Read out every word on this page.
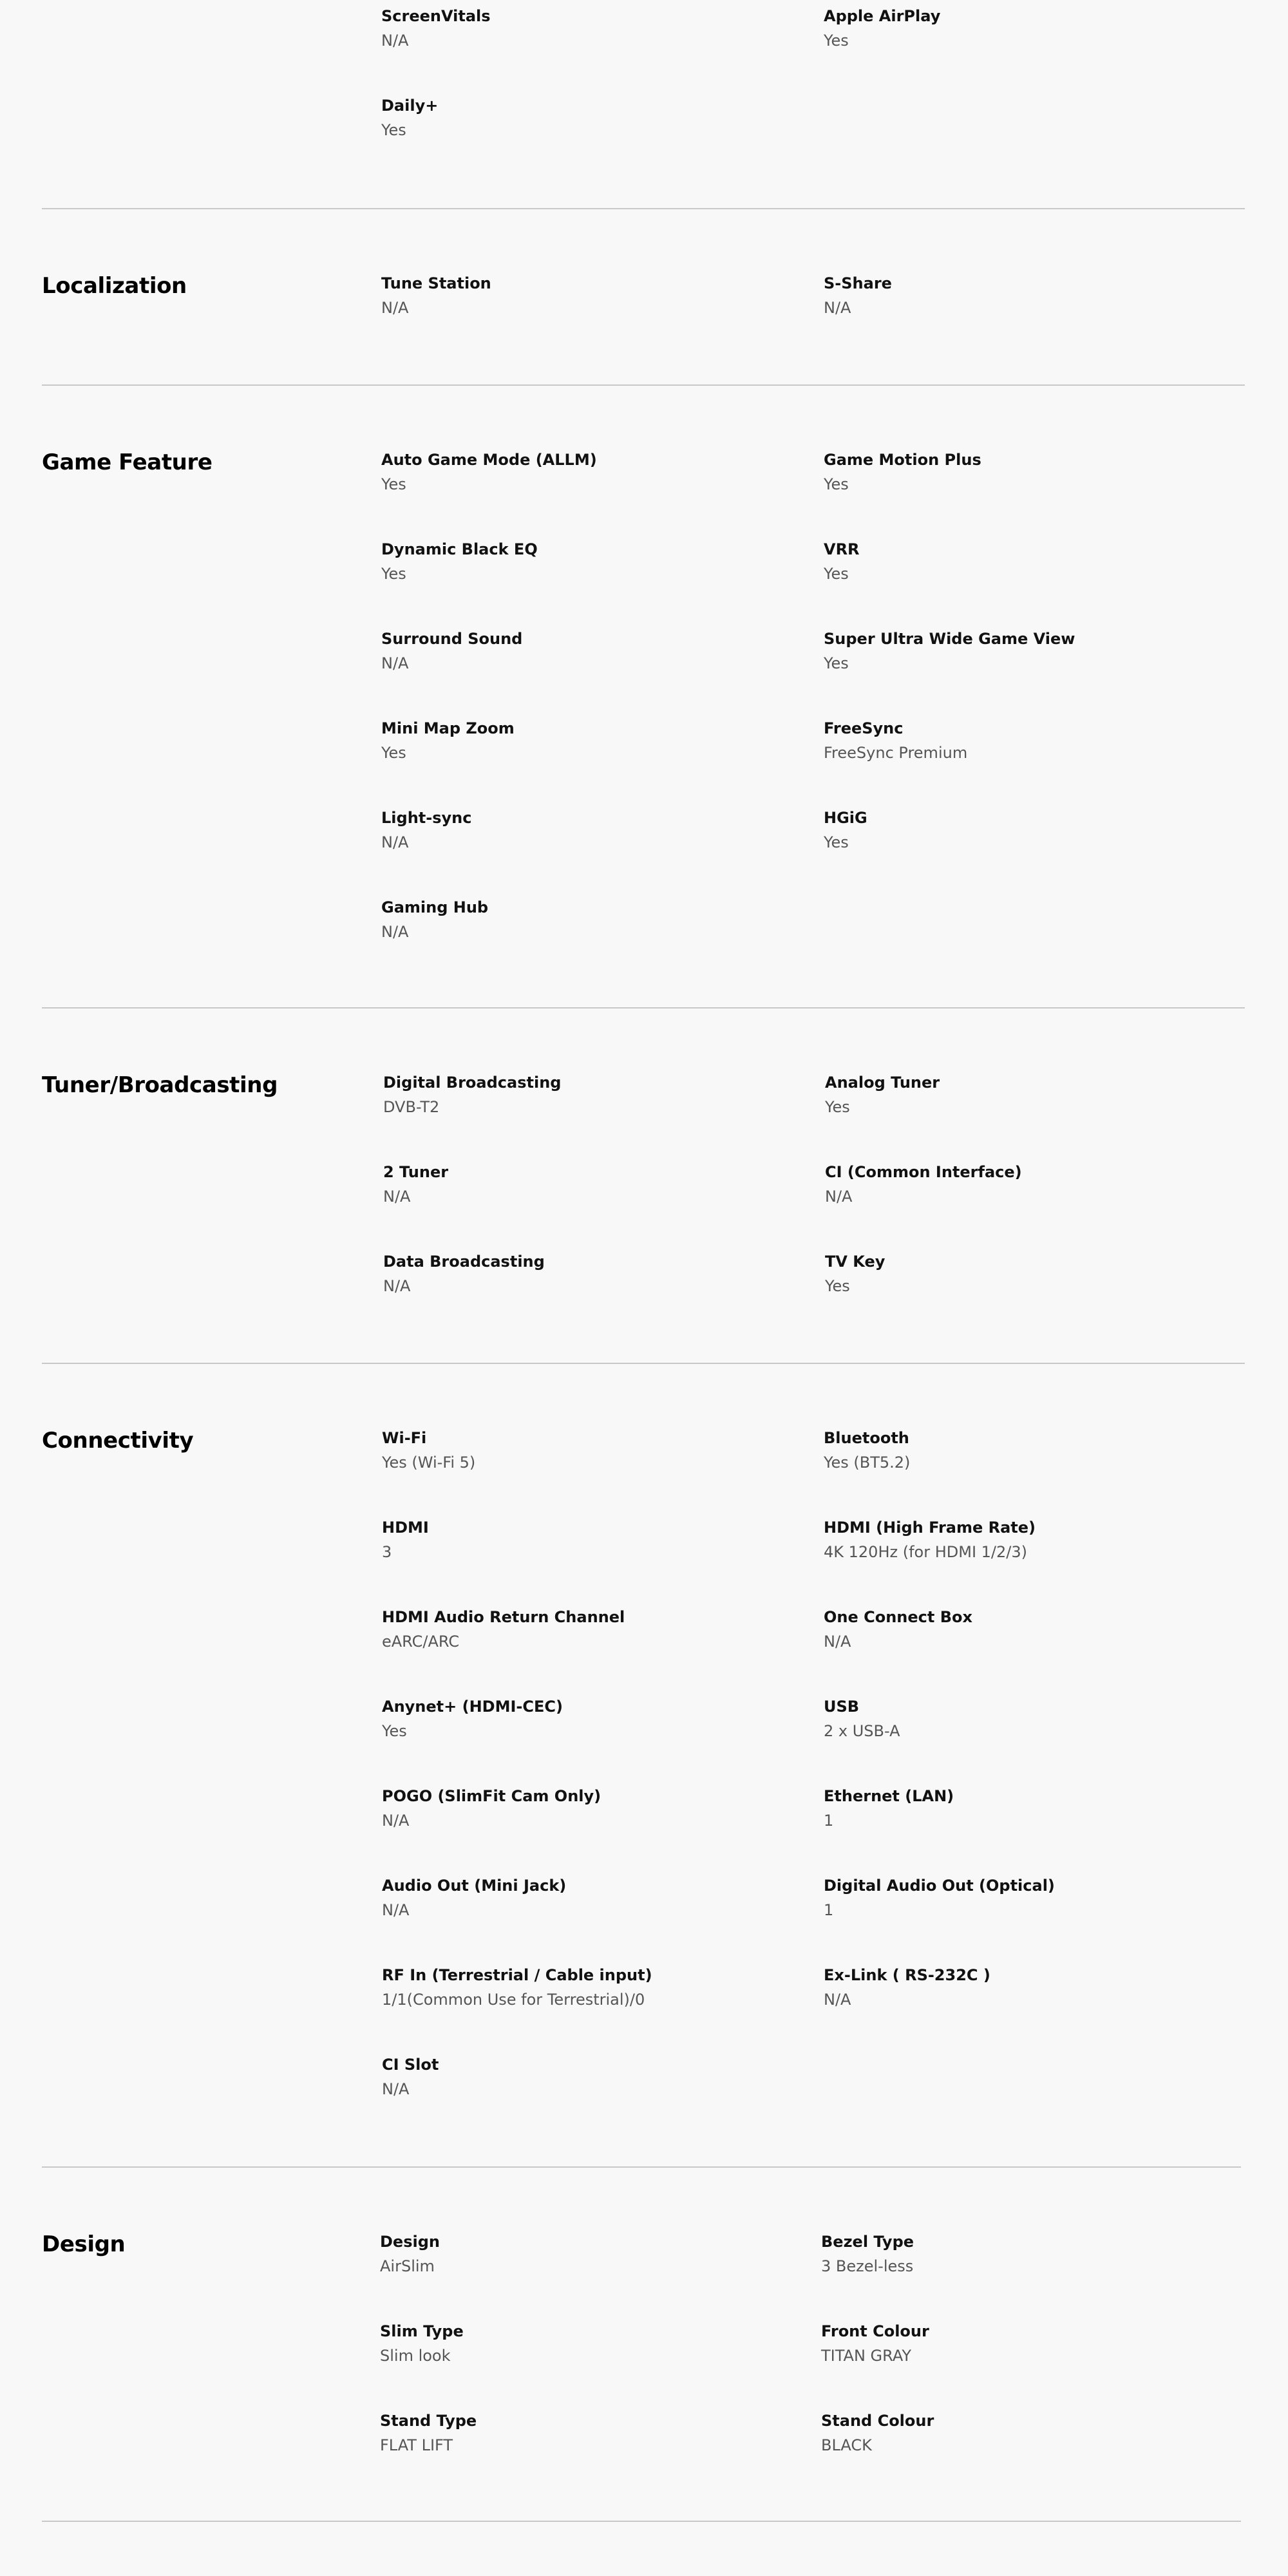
ScreenVitals
N/A
Apple AirPlay
Yes
Daily+
Yes
Localization	Tune Station
N/A
S-Share
N/A
Game Feature	Auto Game Mode (ALLM)
Yes
Game Motion Plus
Yes
Dynamic Black EQ
Yes
VRR
Yes
Surround Sound
N/A
Super Ultra Wide Game View
Yes
Mini Map Zoom
Yes
FreeSync
FreeSync Premium
Light-sync
N/A
HGiG
Yes
Gaming Hub
N/A
Tuner/Broadcasting	Digital Broadcasting
DVB-T2
Analog Tuner
Yes
2 Tuner
N/A
CI (Common Interface)
N/A
Data Broadcasting
N/A
TV Key
Yes
Connectivity	Wi-Fi
Yes (Wi-Fi 5)
Bluetooth
Yes (BT5.2)
HDMI
3
HDMI (High Frame Rate)
4K 120Hz (for HDMI 1/2/3)
HDMI Audio Return Channel
eARC/ARC
One Connect Box
N/A
Anynet+ (HDMI-CEC)
Yes
USB
2 x USB-A
POGO (SlimFit Cam Only)
N/A
Ethernet (LAN)
1
Audio Out (Mini Jack)
N/A
Digital Audio Out (Optical)
1
RF In (Terrestrial / Cable input)
1/1(Common Use for Terrestrial)/0
Ex-Link ( RS-232C )
N/A
CI Slot
N/A
Design	Design
AirSlim
Bezel Type
3 Bezel-less
Slim Type
Slim look
Front Colour
TITAN GRAY
Stand Type
FLAT LIFT
Stand Colour
BLACK
